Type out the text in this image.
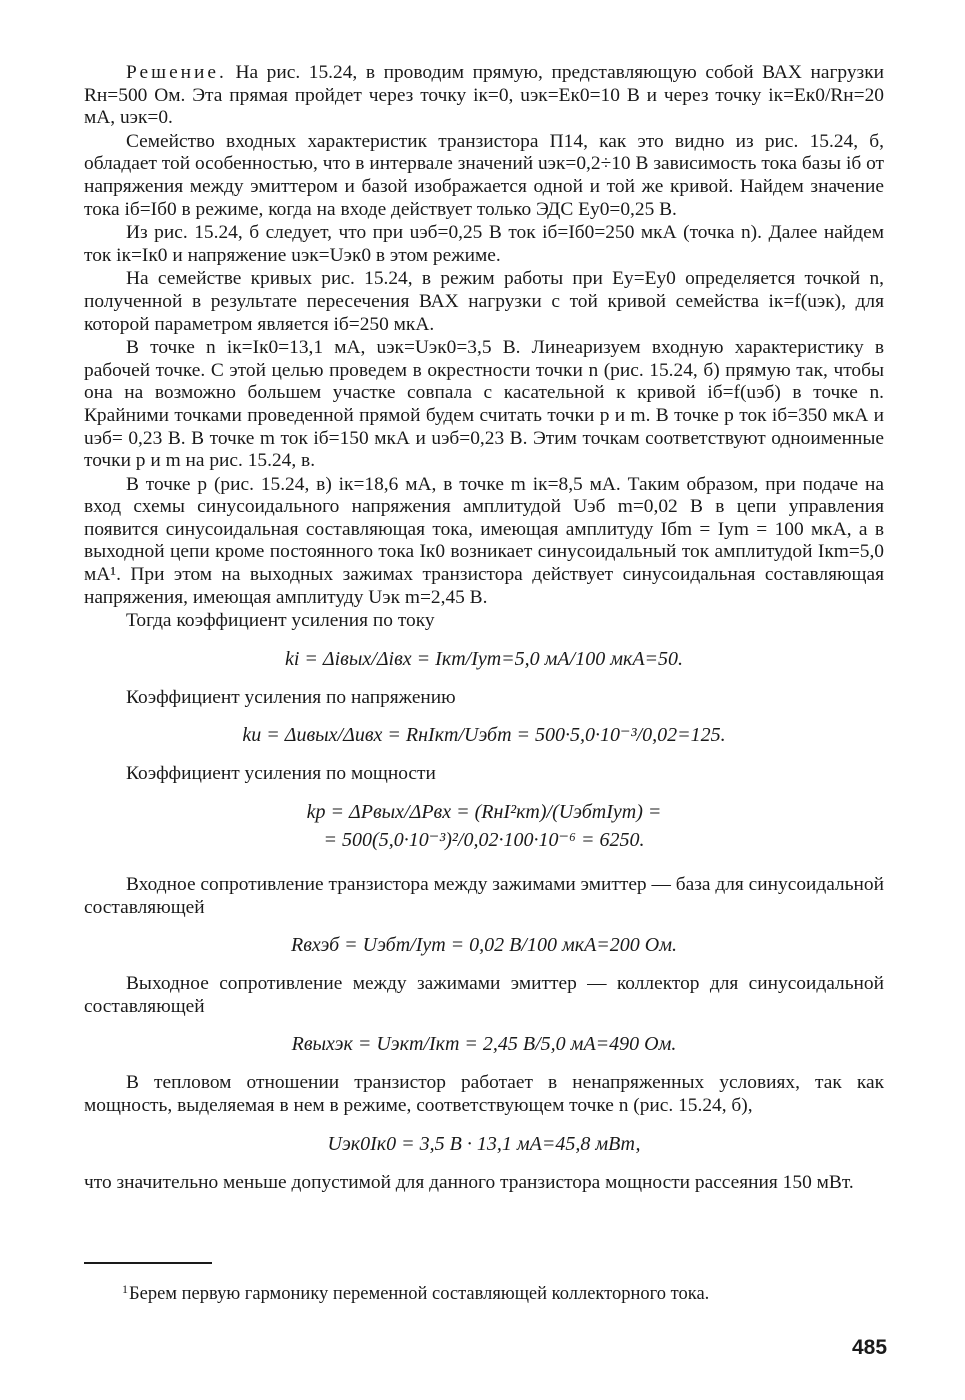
Решение. На рис. 15.24, в проводим прямую, представляющую собой ВАХ нагрузки Rн=500 Ом. Эта прямая пройдет через точку iк=0, uэк=Eк0=10 В и через точку iк=Eк0/Rн=20 мА, uэк=0.

Семейство входных характеристик транзистора П14, как это видно из рис. 15.24, б, обладает той особенностью, что в интервале значений uэк=0,2÷10 В зависимость тока базы iб от напряжения между эмиттером и базой изображается одной и той же кривой. Найдем значение тока iб=Iб0 в режиме, когда на входе действует только ЭДС Ey0=0,25 В.

Из рис. 15.24, б следует, что при uэб=0,25 В ток iб=Iб0=250 мкА (точка n). Далее найдем ток iк=Iк0 и напряжение uэк=Uэк0 в этом режиме.

На семействе кривых рис. 15.24, в режим работы при Eу=Eу0 определяется точкой n, полученной в результате пересечения ВАХ нагрузки с той кривой семейства iк=f(uэк), для которой параметром является iб=250 мкА.

В точке n iк=Iк0=13,1 мА, uэк=Uэк0=3,5 В. Линеаризуем входную характеристику в рабочей точке. С этой целью проведем в окрестности точки n (рис. 15.24, б) прямую так, чтобы она на возможно большем участке совпала с касательной к кривой iб=f(uэб) в точке n. Крайними точками проведенной прямой будем считать точки p и m. В точке p ток iб=350 мкА и uэб= 0,23 В. В точке m ток iб=150 мкА и uэб=0,23 В. Этим точкам соответствуют одноименные точки p и m на рис. 15.24, в.

В точке p (рис. 15.24, в) iк=18,6 мА, в точке m iк=8,5 мА. Таким образом, при подаче на вход схемы синусоидального напряжения амплитудой Uэб m=0,02 В в цепи управления появится синусоидальная составляющая тока, имеющая амплитуду Iбm = Iуm = 100 мкА, а в выходной цепи кроме постоянного тока Iк0 возникает синусоидальный ток амплитудой Iкm=5,0 мА¹. При этом на выходных зажимах транзистора действует синусоидальная составляющая напряжения, имеющая амплитуду Uэк m=2,45 В.

Тогда коэффициент усиления по току

ki = Δiвых/Δiвх = Iкm/Iуm=5,0 мА/100 мкА=50.

Коэффициент усиления по напряжению

ku = Δuвых/Δuвх = RнIкm/Uэбm = 500·5,0·10⁻³/0,02=125.

Коэффициент усиления по мощности

kp = ΔPвых/ΔPвх = (RнI²кm)/(UэбmIуm) =
= 500(5,0·10⁻³)²/0,02·100·10⁻⁶ = 6250.

Входное сопротивление транзистора между зажимами эмиттер — база для синусоидальной составляющей

Rвхэб = Uэбm/Iуm = 0,02 В/100 мкА=200 Ом.

Выходное сопротивление между зажимами эмиттер — коллектор для синусоидальной составляющей

Rвыхэк = Uэкm/Iкm = 2,45 В/5,0 мА=490 Ом.

В тепловом отношении транзистор работает в ненапряженных условиях, так как мощность, выделяемая в нем в режиме, соответствующем точке n (рис. 15.24, б),

Uэк0Iк0 = 3,5 В · 13,1 мА=45,8 мВт,

что значительно меньше допустимой для данного транзистора мощности рассеяния 150 мВт.

$^1$Берем первую гармонику переменной составляющей коллекторного тока.
485
